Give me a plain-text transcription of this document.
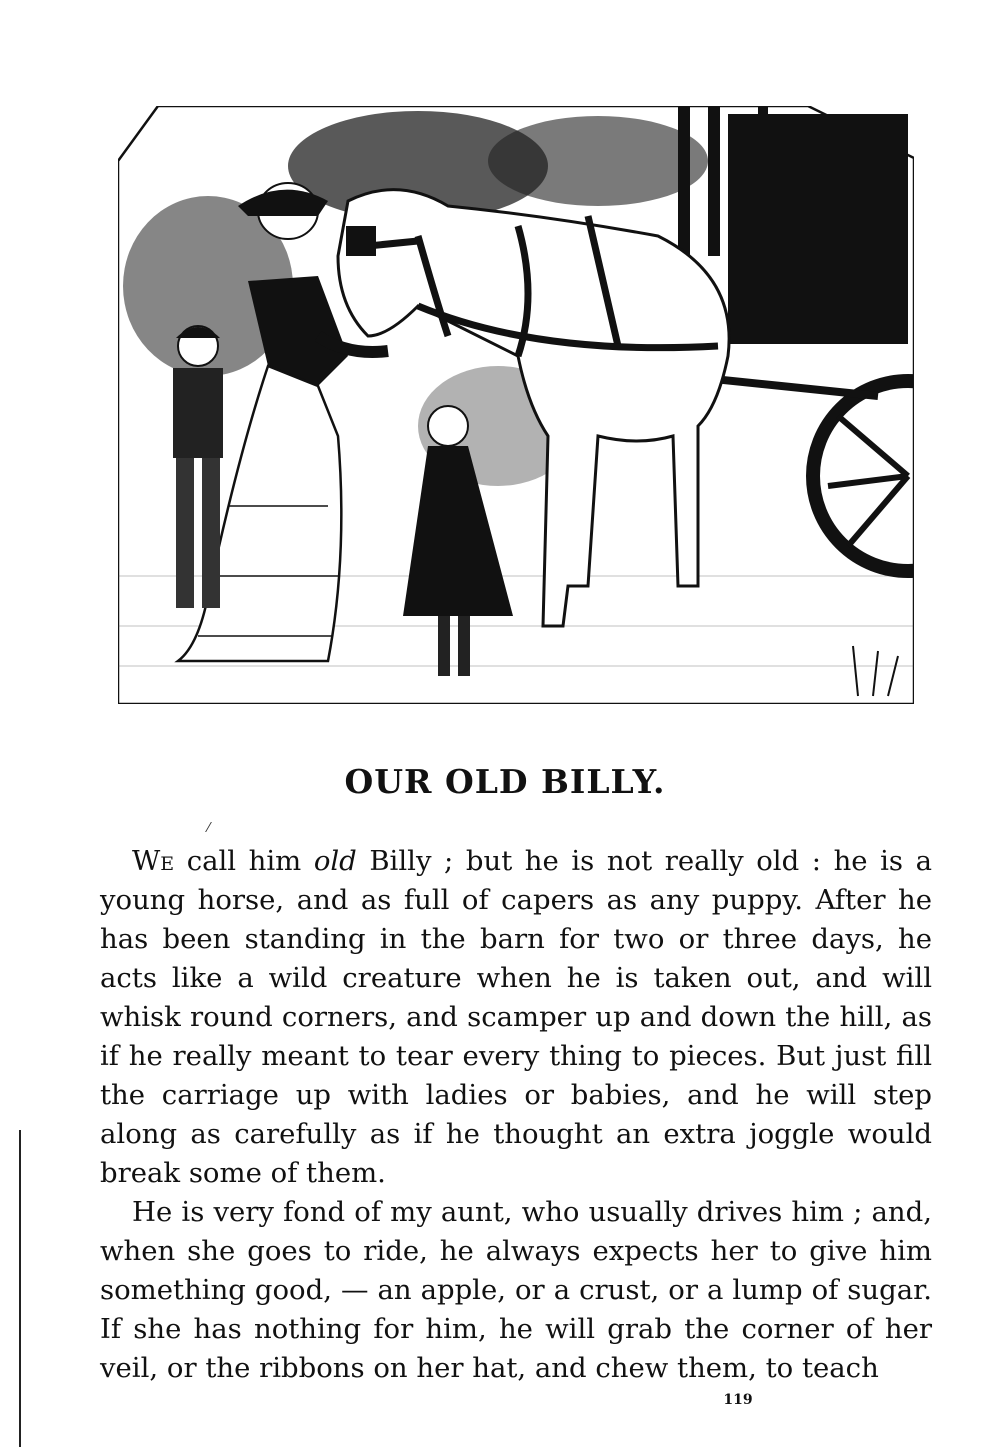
OUR OLD BILLY.

We call him old Billy ; but he is not really old : he is a young horse, and as full of capers as any puppy. After he has been standing in the barn for two or three days, he acts like a wild creature when he is taken out, and will whisk round corners, and scamper up and down the hill, as if he really meant to tear every thing to pieces. But just fill the carriage up with ladies or babies, and he will step along as carefully as if he thought an extra joggle would break some of them.

He is very fond of my aunt, who usually drives him ; and, when she goes to ride, he always expects her to give him something good, — an apple, or a crust, or a lump of sugar. If she has nothing for him, he will grab the corner of her veil, or the ribbons on her hat, and chew them, to teach

119
